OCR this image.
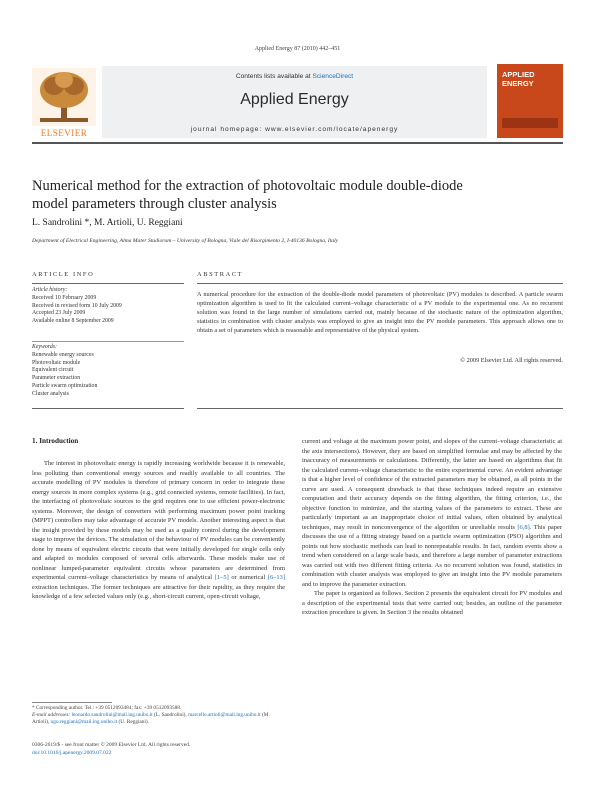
Applied Energy 87 (2010) 442–451
Contents lists available at ScienceDirect
Applied Energy
journal homepage: www.elsevier.com/locate/apenergy
ELSEVIER
APPLIED
ENERGY
Numerical method for the extraction of photovoltaic module double-diode model parameters through cluster analysis
L. Sandrolini *, M. Artioli, U. Reggiani
Department of Electrical Engineering, Alma Mater Studiorum – University of Bologna, Viale del Risorgimento 2, I-40136 Bologna, Italy
ARTICLE INFO	ABSTRACT
Article history:
Received 10 February 2009
Received in revised form 10 July 2009
Accepted 23 July 2009
Available online 8 September 2009
Keywords:
Renewable energy sources
Photovoltaic module
Equivalent circuit
Parameter extraction
Particle swarm optimization
Cluster analysis
A numerical procedure for the extraction of the double-diode model parameters of photovoltaic (PV) modules is described. A particle swarm optimization algorithm is used to fit the calculated current–voltage characteristic of a PV module to the experimental one. As no recurrent solution was found in the large number of simulations carried out, mainly because of the stochastic nature of the optimization algorithm, statistics in combination with cluster analysis was employed to give an insight into the PV module parameters. This approach allows one to obtain a set of parameters which is reasonable and representative of the physical system.
© 2009 Elsevier Ltd. All rights reserved.
1. Introduction

The interest in photovoltaic energy is rapidly increasing worldwide because it is renewable, less polluting than conventional energy sources and readily available to all countries. The accurate modelling of PV modules is therefore of primary concern in order to integrate these energy sources in more complex systems (e.g., grid connected systems, remote facilities). In fact, the interfacing of photovoltaic sources to the grid requires one to use efficient power-electronic systems. Moreover, the design of converters with performing maximum power point tracking (MPPT) controllers may take advantage of accurate PV models. Another interesting aspect is that the insight provided by these models may be used as a quality control during the development stage to improve the devices. The simulation of the behaviour of PV modules can be conveniently done by means of equivalent electric circuits that were initially developed for single cells only and adapted to modules composed of several cells afterwards. These models make use of nonlinear lumped-parameter equivalent circuits whose parameters are determined from experimental current–voltage characteristics by means of analytical [1–5] or numerical [6–13] extraction techniques. The former techniques are attractive for their rapidity, as they require the knowledge of a few selected values only (e.g., short-circuit current, open-circuit voltage,

current and voltage at the maximum power point, and slopes of the current–voltage characteristic at the axis intersections). However, they are based on simplified formulae and may be affected by the inaccuracy of measurements or calculations. Differently, the latter are based on algorithms that fit the calculated current–voltage characteristic to the entire experimental curve. An evident advantage is that a higher level of confidence of the extracted parameters may be obtained, as all points in the curve are used. A consequent drawback is that these techniques indeed require an extensive computation and their accuracy depends on the fitting algorithm, the fitting criterion, i.e., the objective function to minimize, and the starting values of the parameters to extract. These are particularly important as an inappropriate choice of initial values, often obtained by analytical techniques, may result in nonconvergence of the algorithm or unreliable results [6,8]. This paper discusses the use of a fitting strategy based on a particle swarm optimization (PSO) algorithm and points out how stochastic methods can lead to nonrepeatable results. In fact, random events show a trend when considered on a large scale basis, and therefore a large number of parameter extractions was carried out with two different fitting criteria. As no recurrent solution was found, statistics in combination with cluster analysis was employed to give an insight into the PV module parameters and to improve the parameter extraction.

The paper is organized as follows. Section 2 presents the equivalent circuit for PV modules and a description of the experimental tests that were carried out; besides, an outline of the parameter extraction procedure is given. In Section 3 the results obtained

* Corresponding author. Tel.: +39 0512093484; fax: +39 0512093588.
E-mail addresses: leonardo.sandrolini@mail.ing.unibo.it (L. Sandrolini), marcello.artioli@mail.ing.unibo.it (M. Artioli), ugo.reggiani@mail.ing.unibo.it (U. Reggiani).
0306-2619/$ - see front matter © 2009 Elsevier Ltd. All rights reserved.
doi:10.1016/j.apenergy.2009.07.022
